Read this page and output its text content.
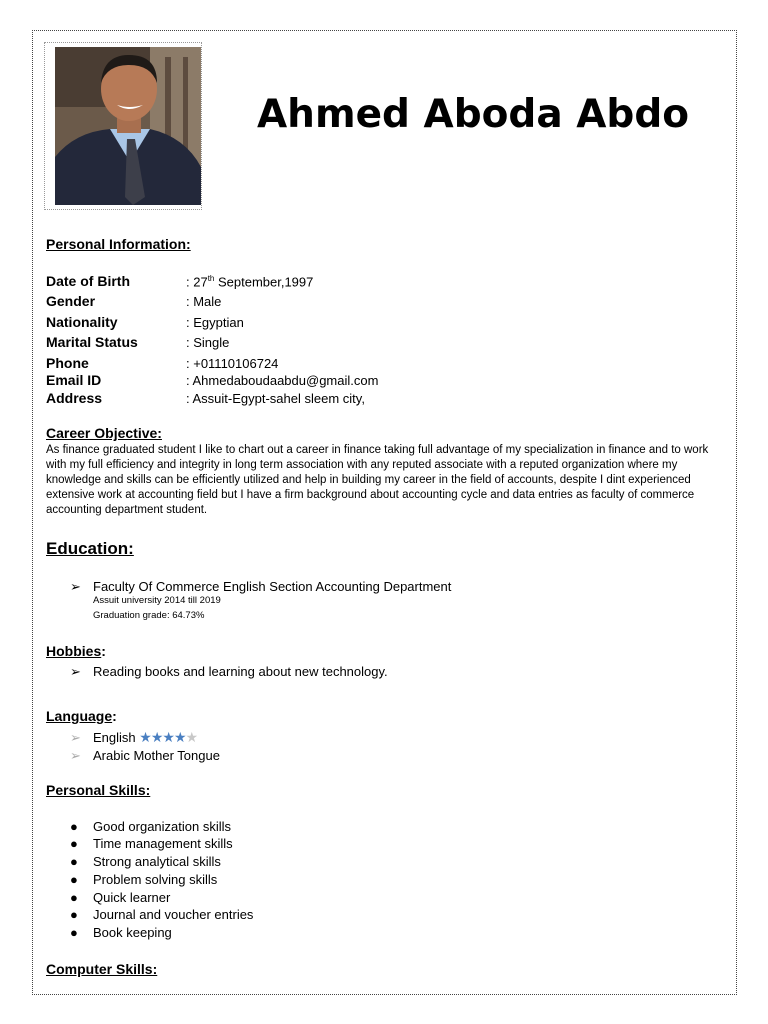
Ahmed Aboda Abdo
Personal Information:
Date of Birth	: 27th September,1997
Gender	: Male
Nationality	: Egyptian
Marital Status	: Single
Phone	: +01110106724
Email ID	: Ahmedaboudaabdu@gmail.com
Address	: Assuit-Egypt-sahel sleem city,
Career Objective:
As finance graduated student I like to chart out a career in finance taking full advantage of my specialization in finance and to work with my full efficiency and integrity in long term association with any reputed associate with a reputed organization where my knowledge and skills can be efficiently utilized and help in building my career in the field of accounts, despite I dint experienced extensive work at accounting field but I have a firm background about accounting cycle and data entries as faculty of commerce accounting department student.
Education:
➢ Faculty Of Commerce English Section Accounting Department
Assuit university 2014 till 2019
Graduation grade: 64.73%
Hobbies:
➢ Reading books and learning about new technology.
Language:
➢ English ★★★★★
➢ Arabic Mother Tongue
Personal Skills:
● Good organization skills
● Time management skills
● Strong analytical skills
● Problem solving skills
● Quick learner
● Journal and voucher entries
● Book keeping
Computer Skills:
